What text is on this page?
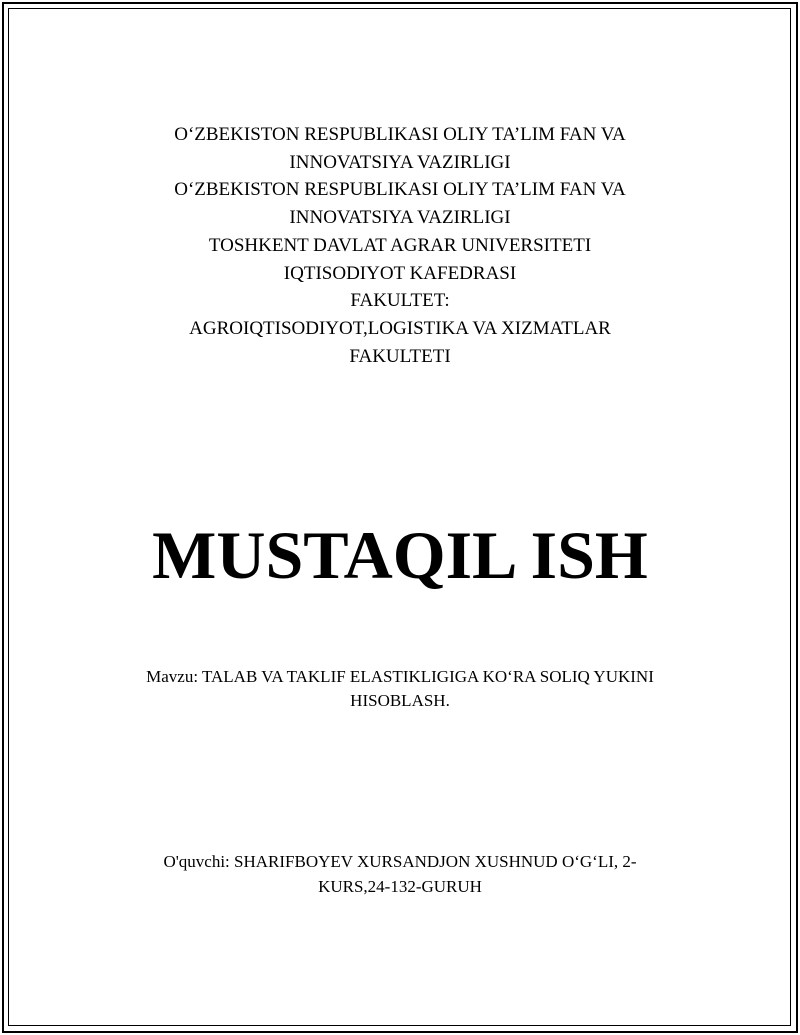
O‘ZBEKISTON RESPUBLIKASI OLIY TA’LIM FAN VA
INNOVATSIYA VAZIRLIGI
O‘ZBEKISTON RESPUBLIKASI OLIY TA’LIM FAN VA
INNOVATSIYA VAZIRLIGI
TOSHKENT DAVLAT AGRAR UNIVERSITETI
IQTISODIYOT KAFEDRASI
FAKULTET:
AGROIQTISODIYOT,LOGISTIKA VA XIZMATLAR
FAKULTETI
MUSTAQIL ISH
Mavzu: TALAB VA TAKLIF ELASTIKLIGIGA KO‘RA SOLIQ YUKINI
HISOBLASH.
O'quvchi: SHARIFBOYEV XURSANDJON XUSHNUD O‘G‘LI, 2-
KURS,24-132-GURUH
